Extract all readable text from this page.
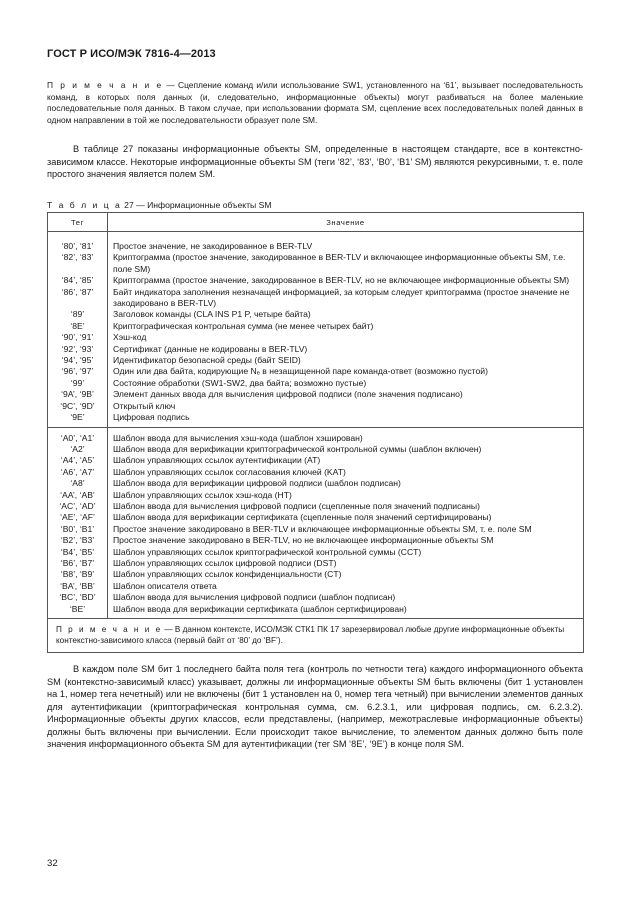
ГОСТ Р ИСО/МЭК 7816-4—2013
П р и м е ч а н и е — Сцепление команд и/или использование SW1, установленного на ‘61’, вызывает последовательность команд, в которых поля данных (и, следовательно, информационные объекты) могут разбиваться на более маленькие последовательные поля данных. В таком случае, при использовании формата SM, сцепление всех последовательных полей данных в одном направлении в той же последовательности образует поле SM.
В таблице 27 показаны информационные объекты SM, определенные в настоящем стандарте, все в контекстно-зависимом классе. Некоторые информационные объекты SM (теги ‘82’, ‘83’, ‘B0’, ‘B1’ SM) являются рекурсивными, т. е. поле простого значения является полем SM.
Т а б л и ц а 27 — Информационные объекты SM
Тег	Значение

‘80’, ‘81’	Простое значение, не закодированное в BER-TLV
‘82’, ‘83’	Криптограмма (простое значение, закодированное в BER-TLV и включающее информационные объекты SM, т.е. поле SM)
‘84’, ‘85’	Криптограмма (простое значение, закодированное в BER-TLV, но не включающее информационные объекты SM)
‘86’, ‘87’	Байт индикатора заполнения незначащей информацией, за которым следует криптограмма (простое значение не закодировано в BER-TLV)
‘89’	Заголовок команды (CLA INS P1 P, четыре байта)
‘8E’	Криптографическая контрольная сумма (не менее четырех байт)
‘90’, ‘91’	Хэш-код
‘92’, ‘93’	Сертификат (данные не кодированы в BER-TLV)
‘94’, ‘95’	Идентификатор безопасной среды (байт SEID)
‘96’, ‘97’	Один или два байта, кодирующие Nₑ в незащищенной паре команда-ответ (возможно пустой)
‘99’	Состояние обработки (SW1-SW2, два байта; возможно пустые)
‘9A’, ‘9B’	Элемент данных ввода для вычисления цифровой подписи (поле значения подписано)
‘9C’, ‘9D’	Открытый ключ
‘9E’	Цифровая подпись
‘A0’, ‘A1’	Шаблон ввода для вычисления хэш-кода (шаблон хэширован)
‘A2’	Шаблон ввода для верификации криптографической контрольной суммы (шаблон включен)
‘A4’, ‘A5’	Шаблон управляющих ссылок аутентификации (AT)
‘A6’, ‘A7’	Шаблон управляющих ссылок согласования ключей (KAT)
‘A8’	Шаблон ввода для верификации цифровой подписи (шаблон подписан)
‘AA’, ‘AB’	Шаблон управляющих ссылок хэш-кода (HT)
‘AC’, ‘AD’	Шаблон ввода для вычисления цифровой подписи (сцепленные поля значений подписаны)
‘AE’, ‘AF’	Шаблон ввода для верификации сертификата (сцепленные поля значений сертифицированы)
‘B0’, ‘B1’	Простое значение закодировано в BER-TLV и включающее информационные объекты SM, т. е. поле SM
‘B2’, ‘B3’	Простое значение закодировано в BER-TLV, но не включающее информационные объекты SM
‘B4’, ‘B5’	Шаблон управляющих ссылок криптографической контрольной суммы (CCT)
‘B6’, ‘B7’	Шаблон управляющих ссылок цифровой подписи (DST)
‘B8’, ‘B9’	Шаблон управляющих ссылок конфиденциальности (CT)
‘BA’, ‘BB’	Шаблон описателя ответа
‘BC’, ‘BD’	Шаблон ввода для вычисления цифровой подписи (шаблон подписан)
‘BE’	Шаблон ввода для верификации сертификата (шаблон сертифицирован)
П р и м е ч а н и е — В данном контексте, ИСО/МЭК СТК1 ПК 17 зарезервировал любые другие информационные объекты контекстно-зависимого класса (первый байт от ‘80’ до ‘BF’).	
32
В каждом поле SM бит 1 последнего байта поля тега (контроль по четности тега) каждого информационного объекта SM (контекстно-зависимый класс) указывает, должны ли информационные объекты SM быть включены (бит 1 установлен на 1, номер тега нечетный) или не включены (бит 1 установлен на 0, номер тега четный) при вычислении элементов данных для аутентификации (криптографическая контрольная сумма, см. 6.2.3.1, или цифровая подпись, см. 6.2.3.2). Информационные объекты других классов, если представлены, (например, межотраслевые информационные объекты) должны быть включены при вычислении. Если происходит такое вычисление, то элементом данных должно быть поле значения информационного объекта SM для аутентификации (тег SM ‘8E’, ‘9E’) в конце поля SM.
